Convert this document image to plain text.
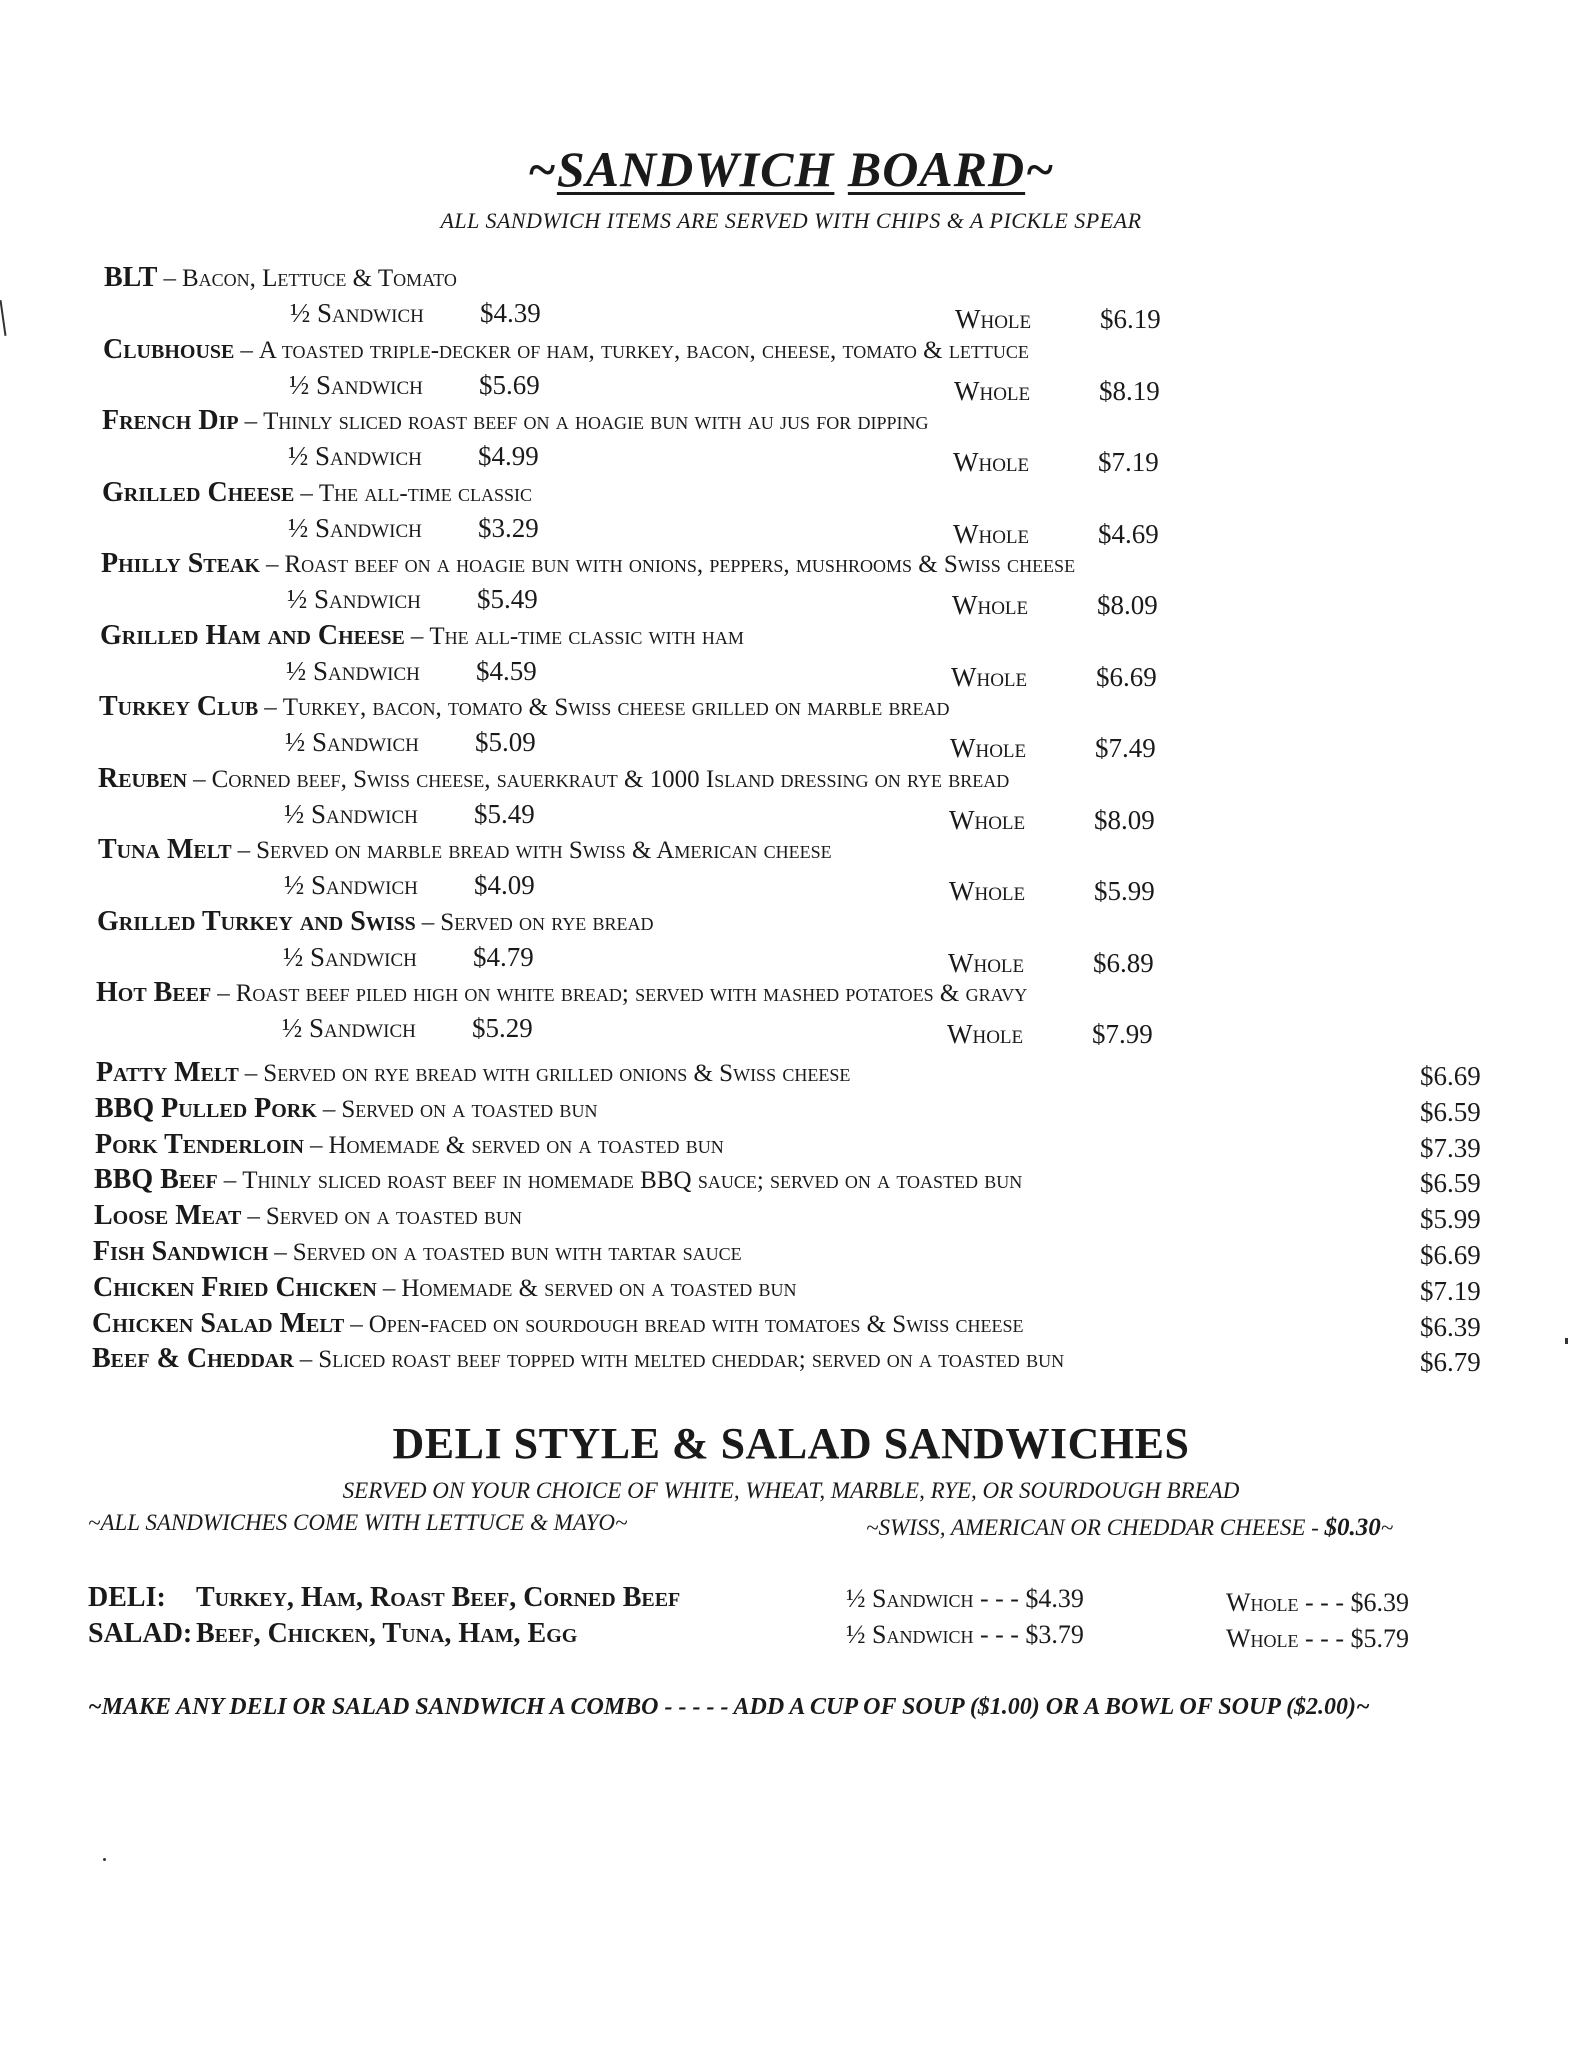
~SANDWICH BOARD~
ALL SANDWICH ITEMS ARE SERVED WITH CHIPS & A PICKLE SPEAR
BLT – Bacon, Lettuce & Tomato
½ Sandwich $4.39	Whole	$6.19
Clubhouse – A toasted triple-decker of ham, turkey, bacon, cheese, tomato & lettuce
½ Sandwich $5.69	Whole	$8.19
French Dip – Thinly sliced roast beef on a hoagie bun with au jus for dipping
½ Sandwich $4.99	Whole	$7.19
Grilled Cheese – The all-time classic
½ Sandwich $3.29	Whole	$4.69
Philly Steak – Roast beef on a hoagie bun with onions, peppers, mushrooms & Swiss cheese
½ Sandwich $5.49	Whole	$8.09
Grilled Ham and Cheese – The all-time classic with ham
½ Sandwich $4.59	Whole	$6.69
Turkey Club – Turkey, bacon, tomato & Swiss cheese grilled on marble bread
½ Sandwich $5.09	Whole	$7.49
Reuben – Corned beef, Swiss cheese, sauerkraut & 1000 Island dressing on rye bread
½ Sandwich $5.49	Whole	$8.09
Tuna Melt – Served on marble bread with Swiss & American cheese
½ Sandwich $4.09	Whole	$5.99
Grilled Turkey and Swiss – Served on rye bread
½ Sandwich $4.79	Whole	$6.89
Hot Beef – Roast beef piled high on white bread; served with mashed potatoes & gravy
½ Sandwich $5.29	Whole	$7.99
Patty Melt – Served on rye bread with grilled onions & Swiss cheese	$6.69
BBQ Pulled Pork – Served on a toasted bun	$6.59
Pork Tenderloin – Homemade & served on a toasted bun	$7.39
BBQ Beef – Thinly sliced roast beef in homemade BBQ sauce; served on a toasted bun	$6.59
Loose Meat – Served on a toasted bun	$5.99
Fish Sandwich – Served on a toasted bun with tartar sauce	$6.69
Chicken Fried Chicken – Homemade & served on a toasted bun	$7.19
Chicken Salad Melt – Open-faced on sourdough bread with tomatoes & Swiss cheese	$6.39
Beef & Cheddar – Sliced roast beef topped with melted cheddar; served on a toasted bun	$6.79
DELI STYLE & SALAD SANDWICHES
SERVED ON YOUR CHOICE OF WHITE, WHEAT, MARBLE, RYE, OR SOURDOUGH BREAD
~ALL SANDWICHES COME WITH LETTUCE & MAYO~	~SWISS, AMERICAN OR CHEDDAR CHEESE - $0.30~
DELI: Turkey, Ham, Roast Beef, Corned Beef	½ Sandwich - - - $4.39	Whole - - - $6.39
SALAD: Beef, Chicken, Tuna, Ham, Egg	½ Sandwich - - - $3.79	Whole - - - $5.79
~MAKE ANY DELI OR SALAD SANDWICH A COMBO - - - - - ADD A CUP OF SOUP ($1.00) OR A BOWL OF SOUP ($2.00)~
